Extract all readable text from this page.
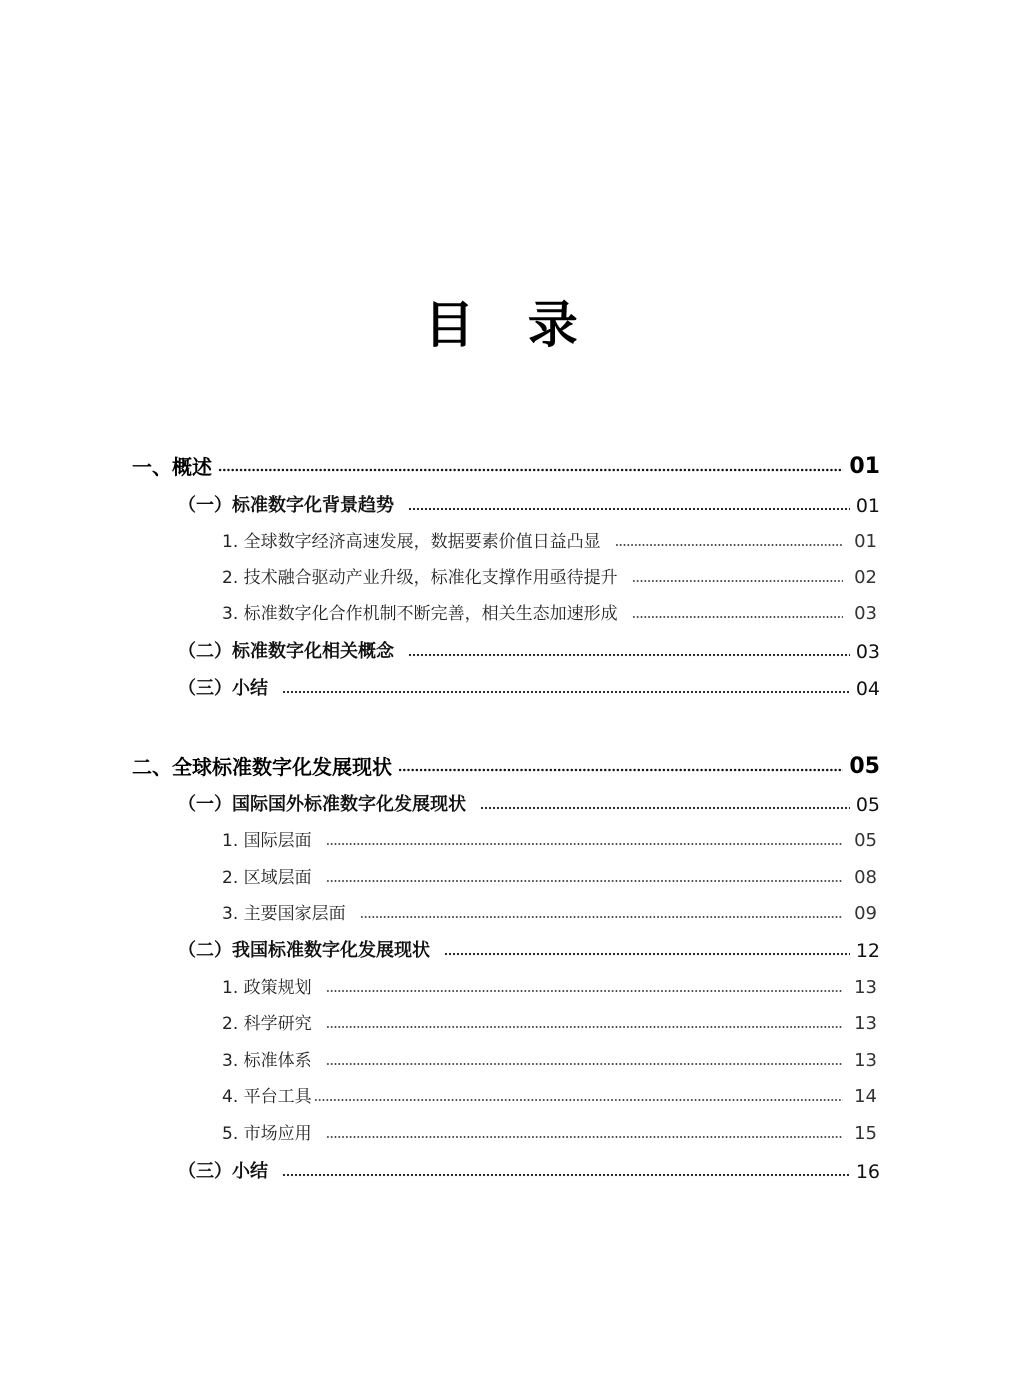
目 录
一、概述	01
（一）标准数字化背景趋势	01
1. 全球数字经济高速发展，数据要素价值日益凸显	01
2. 技术融合驱动产业升级，标准化支撑作用亟待提升	02
3. 标准数字化合作机制不断完善，相关生态加速形成	03
（二）标准数字化相关概念	03
（三）小结	04
二、全球标准数字化发展现状	05
（一）国际国外标准数字化发展现状	05
1. 国际层面	05
2. 区域层面	08
3. 主要国家层面	09
（二）我国标准数字化发展现状	12
1. 政策规划	13
2. 科学研究	13
3. 标准体系	13
4. 平台工具	14
5. 市场应用	15
（三）小结	16
